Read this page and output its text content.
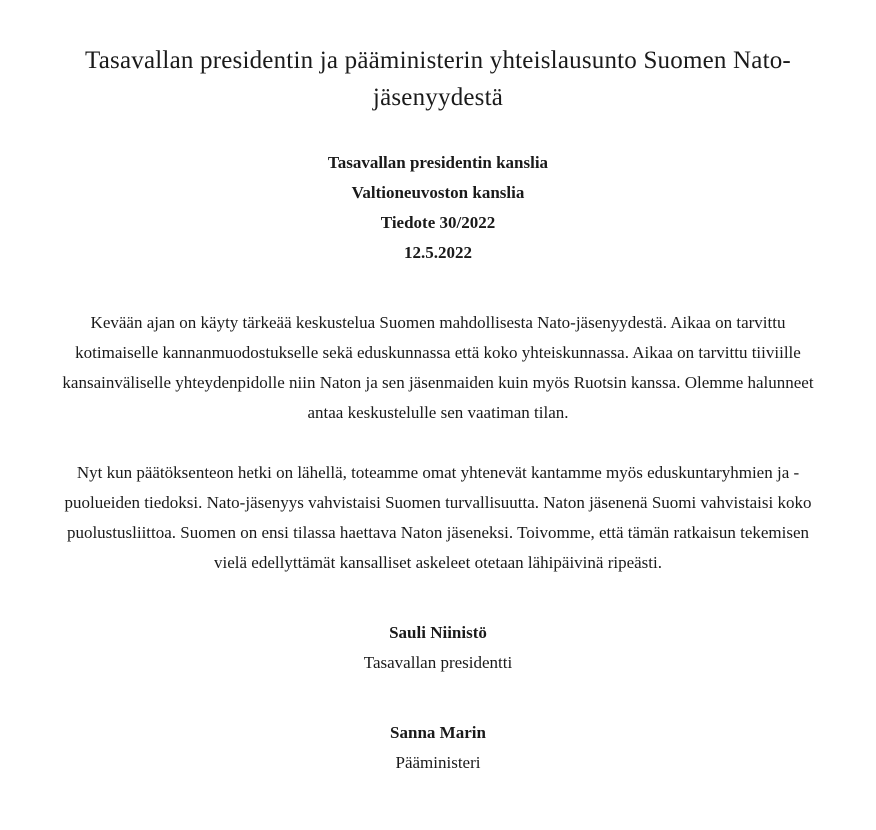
Tasavallan presidentin ja pääministerin yhteislausunto Suomen Nato-jäsenyydestä
Tasavallan presidentin kanslia
Valtioneuvoston kanslia
Tiedote 30/2022
12.5.2022

Kevään ajan on käyty tärkeää keskustelua Suomen mahdollisesta Nato-jäsenyydestä. Aikaa on tarvittu kotimaiselle kannanmuodostukselle sekä eduskunnassa että koko yhteiskunnassa. Aikaa on tarvittu tiiviille kansainväliselle yhteydenpidolle niin Naton ja sen jäsenmaiden kuin myös Ruotsin kanssa. Olemme halunneet antaa keskustelulle sen vaatiman tilan.

Nyt kun päätöksenteon hetki on lähellä, toteamme omat yhtenevät kantamme myös eduskuntaryhmien ja -puolueiden tiedoksi. Nato-jäsenyys vahvistaisi Suomen turvallisuutta. Naton jäsenenä Suomi vahvistaisi koko puolustusliittoa. Suomen on ensi tilassa haettava Naton jäseneksi. Toivomme, että tämän ratkaisun tekemisen vielä edellyttämät kansalliset askeleet otetaan lähipäivinä ripeästi.

Sauli Niinistö
Tasavallan presidentti
Sanna Marin
Pääministeri
